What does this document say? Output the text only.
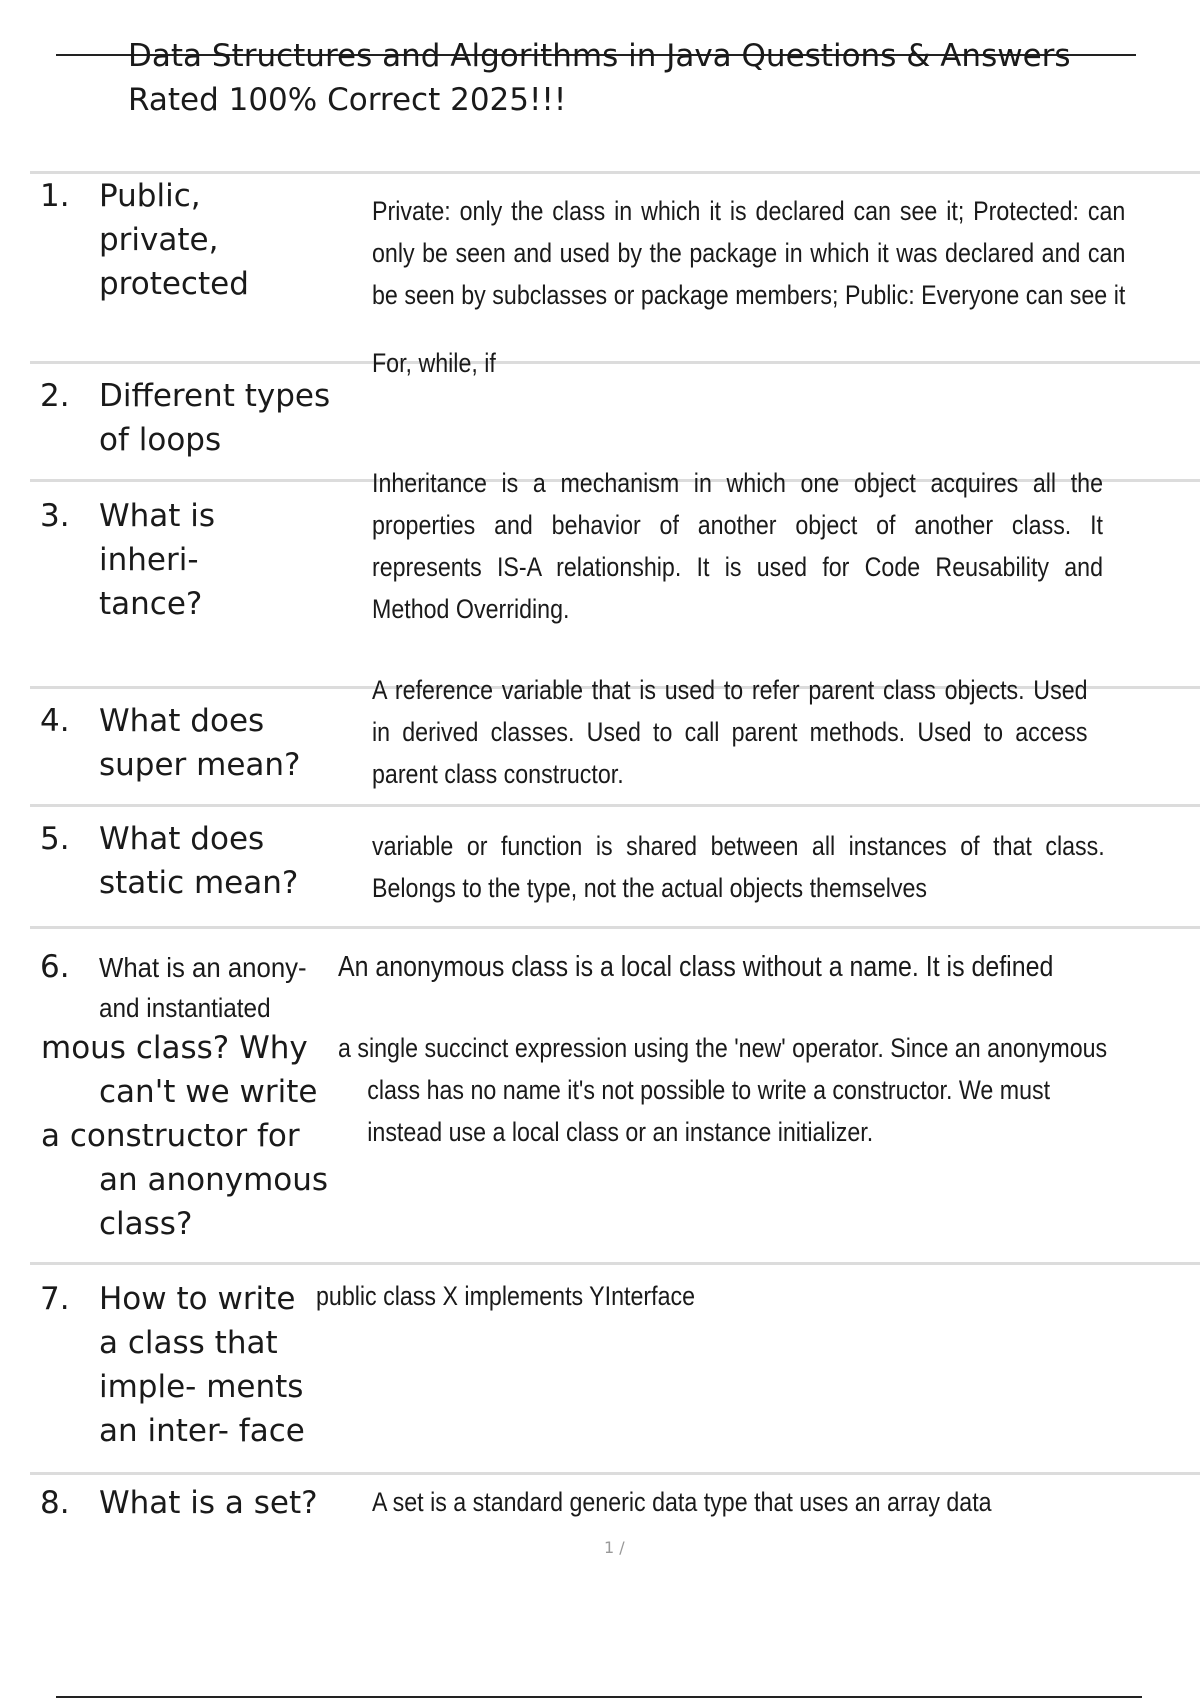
Data Structures and Algorithms in Java Questions & Answers
Rated 100% Correct 2025!!!
1. Public,
private,
protected
Private: only the class in which it is declared can see it; Protected: can
only be seen and used by the package in which it was declared and can
be seen by subclasses or package members; Public: Everyone can see it
2. Different types
of loops
For, while, if
3. What is
inheri-
tance?
Inheritance is a mechanism in which one object acquires all the
properties and behavior of another object of another class. It
represents IS-A relationship. It is used for Code Reusability and
Method Overriding.
4. What does
super mean?
A reference variable that is used to refer parent class objects. Used
in derived classes. Used to call parent methods. Used to access
parent class constructor.
5. What does
static mean?
variable or function is shared between all instances of that class.
Belongs to the type, not the actual objects themselves
6. What is an anony-
and instantiated
mous class? Why
can't we write
a constructor for
an anonymous
class?
An anonymous class is a local class without a name. It is defined
a single succinct expression using the 'new' operator. Since an anonymous
class has no name it's not possible to write a constructor. We must
instead use a local class or an instance initializer.
7. How to write
a class that
imple- ments
an inter- face
public class X implements YInterface
8. What is a set? A set is a standard generic data type that uses an array data
1 /
